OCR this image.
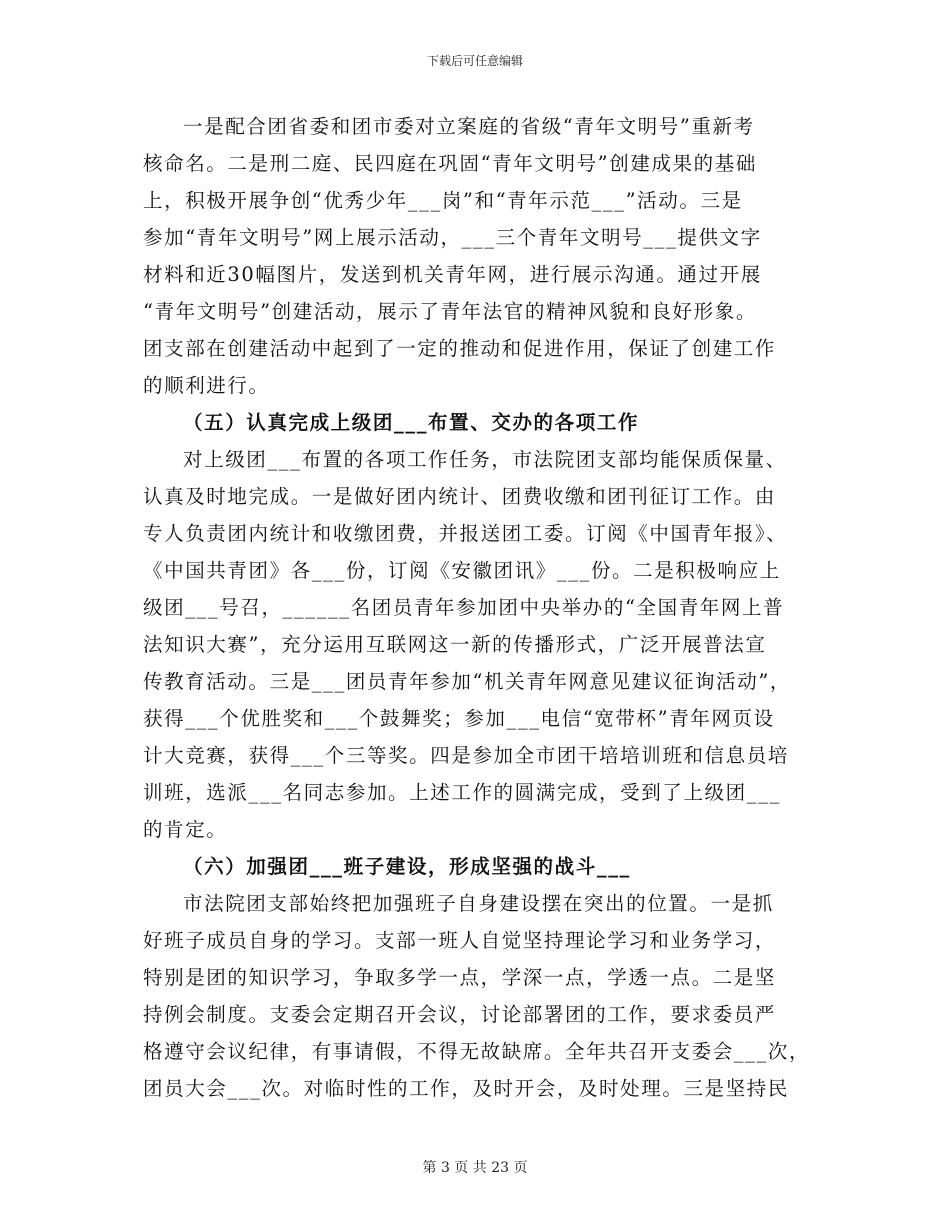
下载后可任意编辑

一是配合团省委和团市委对立案庭的省级“青年文明号”重新考
核命名。二是刑二庭、民四庭在巩固“青年文明号”创建成果的基础
上，积极开展争创“优秀少年___岗”和“青年示范___”活动。三是
参加“青年文明号”网上展示活动，___三个青年文明号___提供文字
材料和近30幅图片，发送到机关青年网，进行展示沟通。通过开展
“青年文明号”创建活动，展示了青年法官的精神风貌和良好形象。
团支部在创建活动中起到了一定的推动和促进作用，保证了创建工作
的顺利进行。

（五）认真完成上级团___布置、交办的各项工作

对上级团___布置的各项工作任务，市法院团支部均能保质保量、
认真及时地完成。一是做好团内统计、团费收缴和团刊征订工作。由
专人负责团内统计和收缴团费，并报送团工委。订阅《中国青年报》、
《中国共青团》各___份，订阅《安徽团讯》___份。二是积极响应上
级团___号召，______名团员青年参加团中央举办的“全国青年网上普
法知识大赛”，充分运用互联网这一新的传播形式，广泛开展普法宣
传教育活动。三是___团员青年参加“机关青年网意见建议征询活动”，
获得___个优胜奖和___个鼓舞奖；参加___电信“宽带杯”青年网页设
计大竞赛，获得___个三等奖。四是参加全市团干培培训班和信息员培
训班，选派___名同志参加。上述工作的圆满完成，受到了上级团___
的肯定。

（六）加强团___班子建设，形成坚强的战斗___

市法院团支部始终把加强班子自身建设摆在突出的位置。一是抓
好班子成员自身的学习。支部一班人自觉坚持理论学习和业务学习，
特别是团的知识学习，争取多学一点，学深一点，学透一点。二是坚
持例会制度。支委会定期召开会议，讨论部署团的工作，要求委员严
格遵守会议纪律，有事请假，不得无故缺席。全年共召开支委会___次，
团员大会___次。对临时性的工作，及时开会，及时处理。三是坚持民

第 3 页 共 23 页
